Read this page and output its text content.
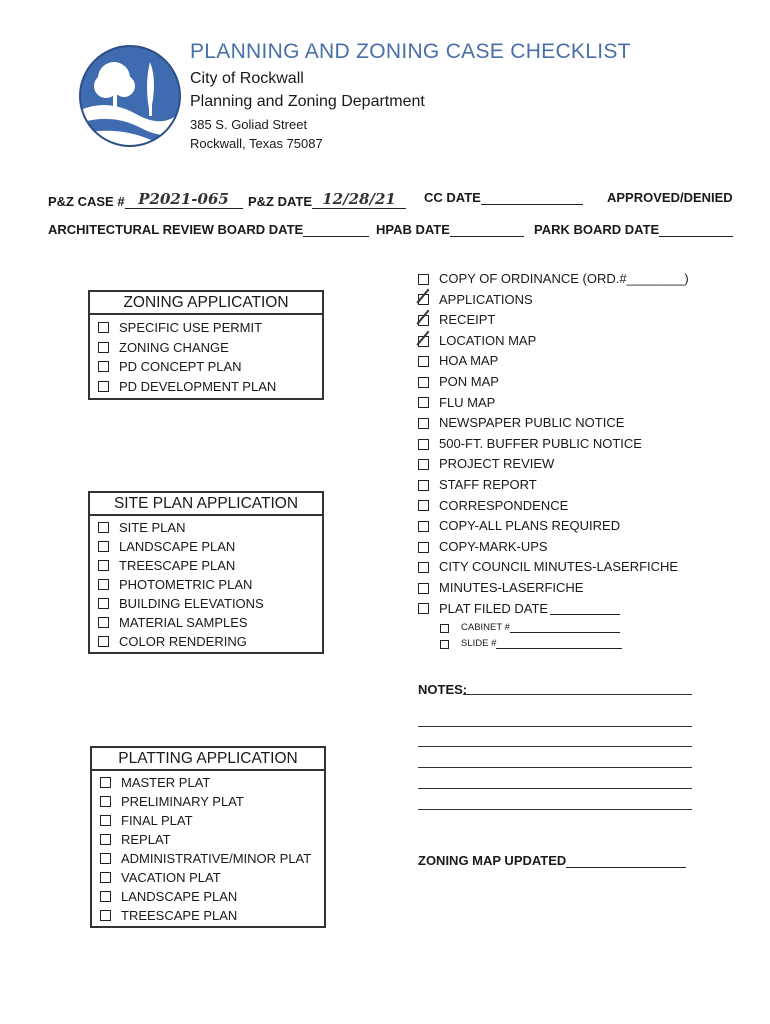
PLANNING AND ZONING CASE CHECKLIST
City of Rockwall
Planning and Zoning Department
385 S. Goliad Street
Rockwall, Texas 75087
P&Z CASE # P2021-065	P&Z DATE 12/28/21	CC DATE	APPROVED/DENIED
ARCHITECTURAL REVIEW BOARD DATE	HPAB DATE	PARK BOARD DATE
ZONING APPLICATION
SPECIFIC USE PERMIT
ZONING CHANGE
PD CONCEPT PLAN
PD DEVELOPMENT PLAN
SITE PLAN APPLICATION
SITE PLAN
LANDSCAPE PLAN
TREESCAPE PLAN
PHOTOMETRIC PLAN
BUILDING ELEVATIONS
MATERIAL SAMPLES
COLOR RENDERING
PLATTING APPLICATION
MASTER PLAT
PRELIMINARY PLAT
FINAL PLAT
REPLAT
ADMINISTRATIVE/MINOR PLAT
VACATION PLAT
LANDSCAPE PLAN
TREESCAPE PLAN
COPY OF ORDINANCE (ORD.#________)
APPLICATIONS
RECEIPT
LOCATION MAP
HOA MAP
PON MAP
FLU MAP
NEWSPAPER PUBLIC NOTICE
500-FT. BUFFER PUBLIC NOTICE
PROJECT REVIEW
STAFF REPORT
CORRESPONDENCE
COPY-ALL PLANS REQUIRED
COPY-MARK-UPS
CITY COUNCIL MINUTES-LASERFICHE
MINUTES-LASERFICHE
PLAT FILED DATE
CABINET #
SLIDE #
NOTES:
ZONING MAP UPDATED
